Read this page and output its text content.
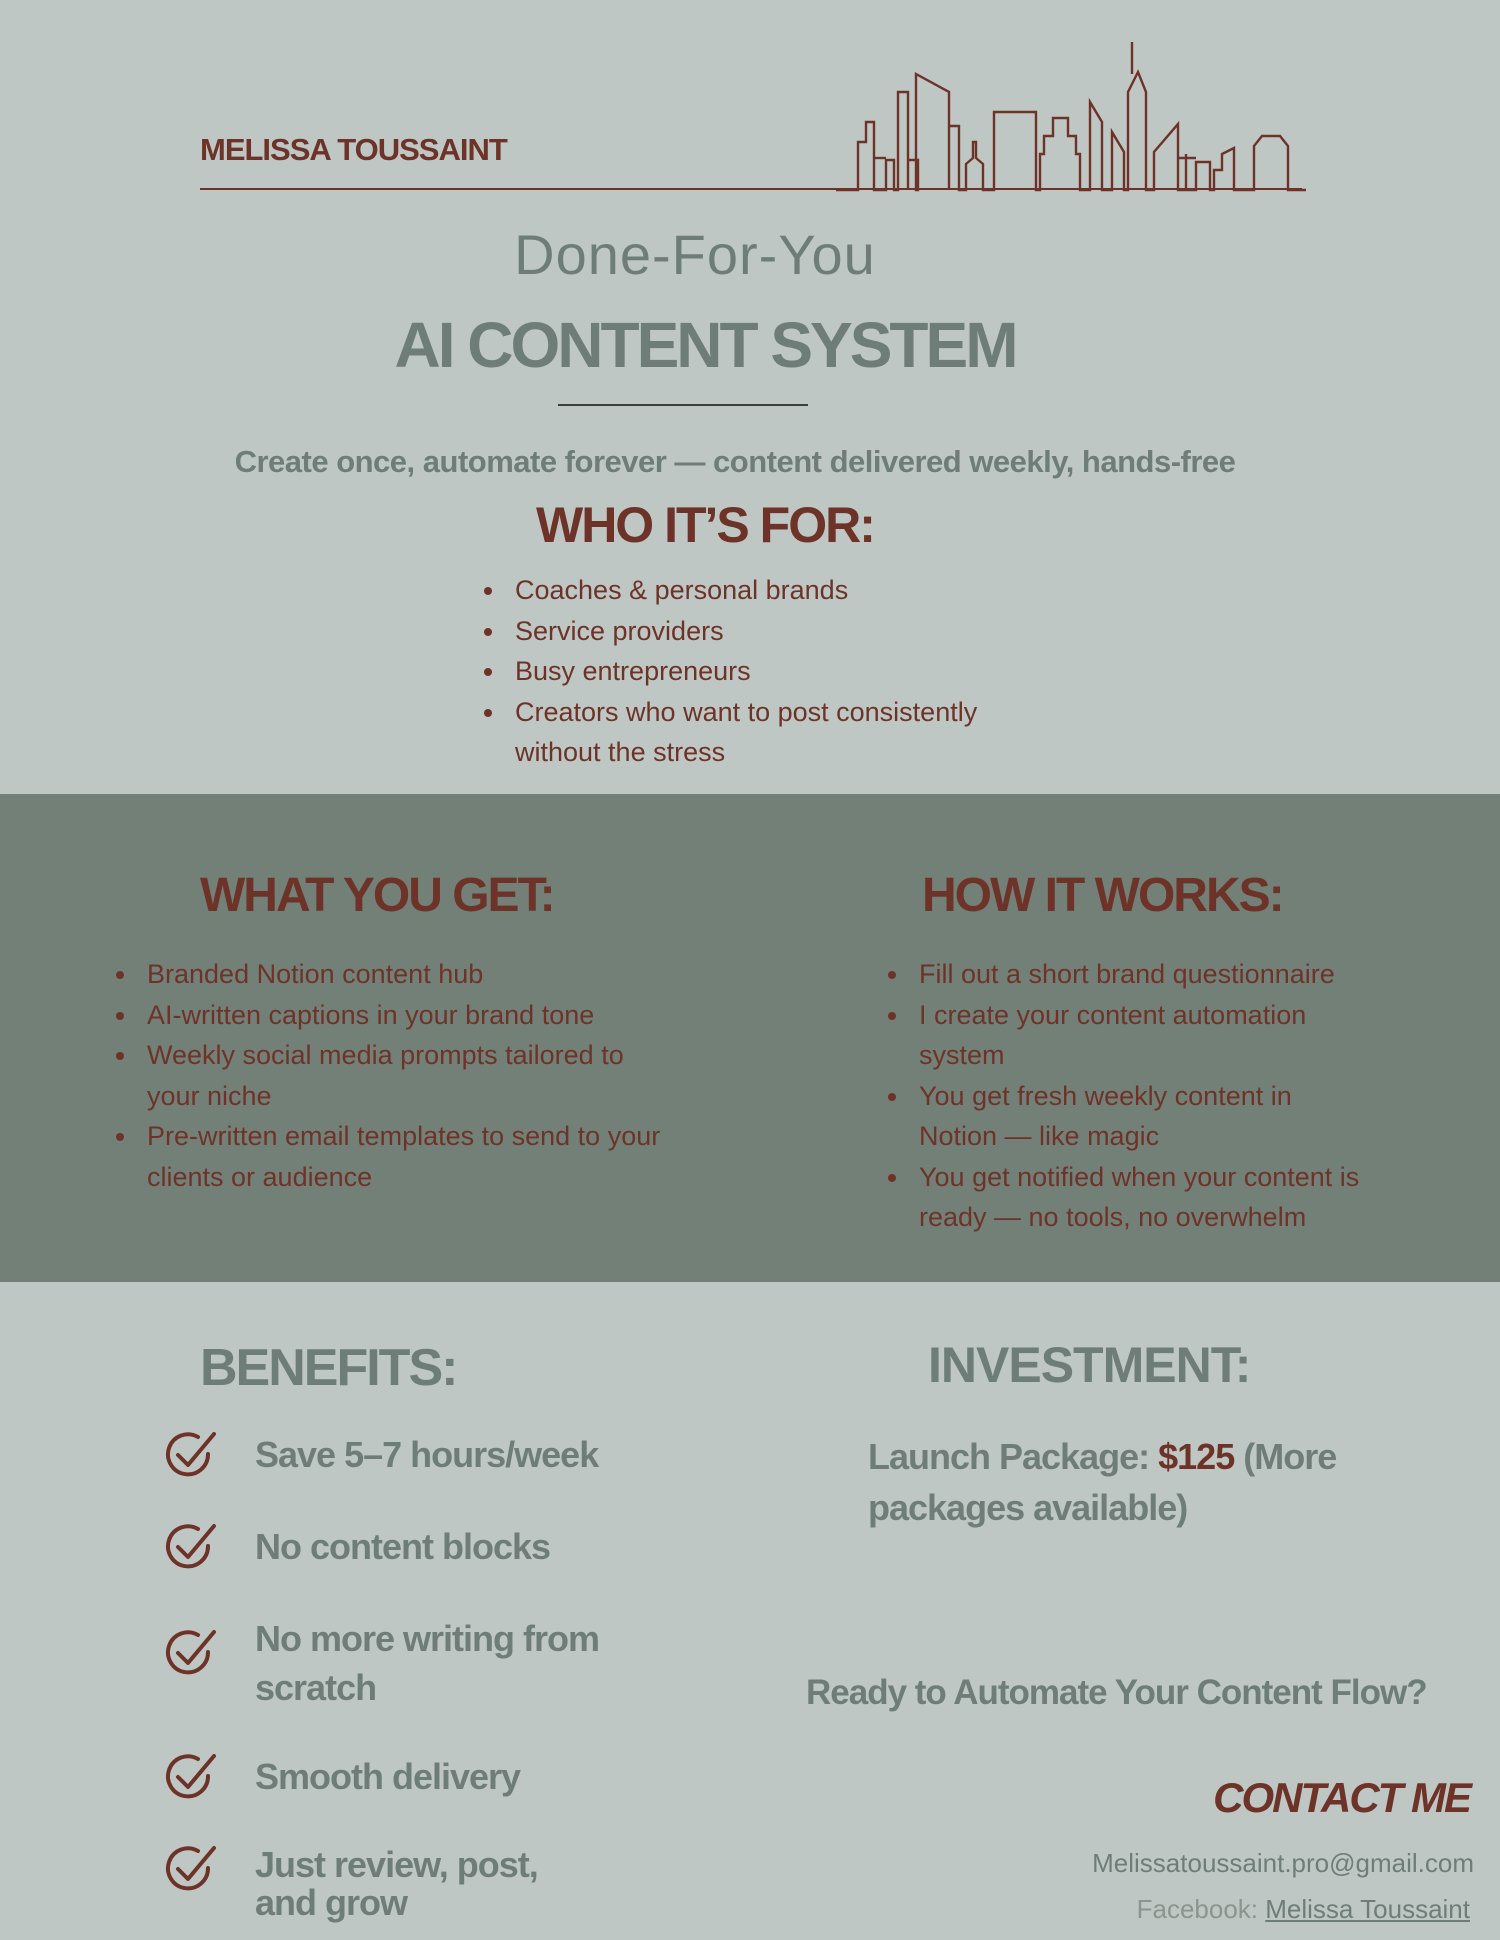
MELISSA TOUSSAINT
Done-For-You
AI CONTENT SYSTEM
Create once, automate forever — content delivered weekly, hands-free
WHO IT’S FOR:
Coaches & personal brands
Service providers
Busy entrepreneurs
Creators who want to post consistently without the stress
WHAT YOU GET:	HOW IT WORKS:
Branded Notion content hub
AI-written captions in your brand tone
Weekly social media prompts tailored to your niche
Pre-written email templates to send to your clients or audience
Fill out a short brand questionnaire
I create your content automation system
You get fresh weekly content in Notion — like magic
You get notified when your content is ready — no tools, no overwhelm
BENEFITS:
Save 5–7 hours/week
No content blocks
No more writing from scratch
Smooth delivery
Just review, post, and grow
INVESTMENT:
Launch Package: $125 (More packages available)
Ready to Automate Your Content Flow?
CONTACT ME
Melissatoussaint.pro@gmail.com
Facebook: Melissa Toussaint
